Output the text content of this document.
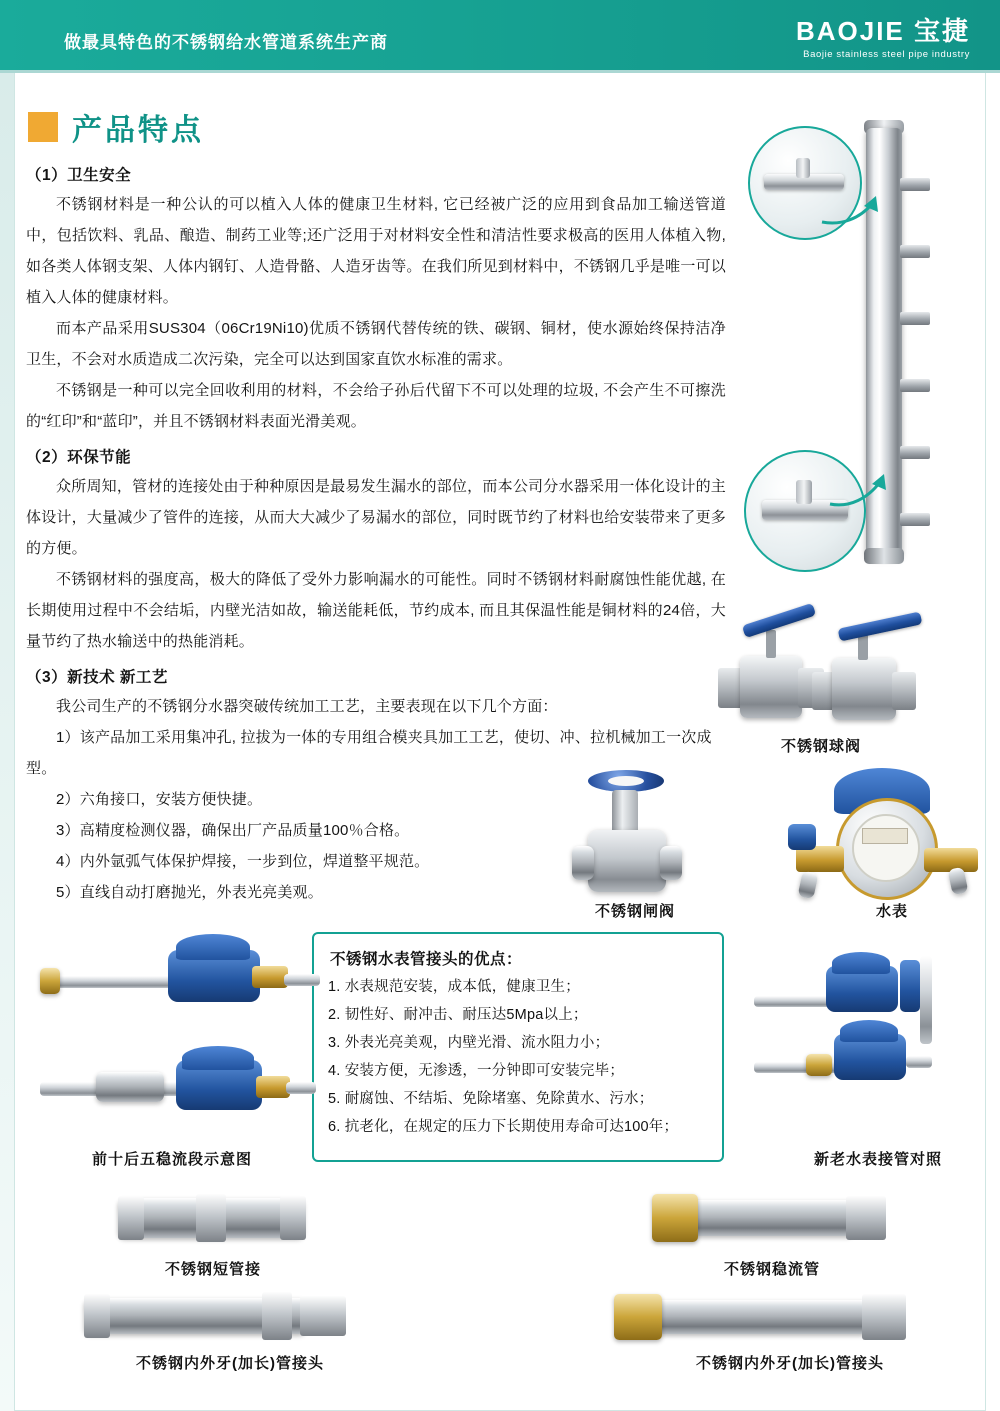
做最具特色的不锈钢给水管道系统生产商	BAOJIE 宝捷
Baojie stainless steel pipe industry
产品特点
（1）卫生安全

不锈钢材料是一种公认的可以植入人体的健康卫生材料, 它已经被广泛的应用到食品加工输送管道中，包括饮料、乳品、酿造、制药工业等;还广泛用于对材料安全性和清洁性要求极高的医用人体植入物, 如各类人体钢支架、人体内钢钉、人造骨骼、人造牙齿等。在我们所见到材料中，不锈钢几乎是唯一可以植入人体的健康材料。

而本产品采用SUS304（06Cr19Ni10)优质不锈钢代替传统的铁、碳钢、铜材，使水源始终保持洁净卫生，不会对水质造成二次污染，完全可以达到国家直饮水标准的需求。

不锈钢是一种可以完全回收利用的材料，不会给子孙后代留下不可以处理的垃圾, 不会产生不可擦洗的“红印”和“蓝印”，并且不锈钢材料表面光滑美观。

（2）环保节能

众所周知，管材的连接处由于种种原因是最易发生漏水的部位，而本公司分水器采用一体化设计的主体设计，大量减少了管件的连接，从而大大减少了易漏水的部位，同时既节约了材料也给安装带来了更多的方便。

不锈钢材料的强度高，极大的降低了受外力影响漏水的可能性。同时不锈钢材料耐腐蚀性能优越, 在长期使用过程中不会结垢，内壁光洁如故，输送能耗低，节约成本, 而且其保温性能是铜材料的24倍，大量节约了热水输送中的热能消耗。

（3）新技术 新工艺

我公司生产的不锈钢分水器突破传统加工工艺，主要表现在以下几个方面：

1）该产品加工采用集冲孔, 拉拔为一体的专用组合模夹具加工工艺，使切、冲、拉机械加工一次成型。

2）六角接口，安装方便快捷。

3）高精度检测仪器，确保出厂产品质量100％合格。

4）内外氩弧气体保护焊接，一步到位，焊道整平规范。

5）直线自动打磨抛光，外表光亮美观。

不锈钢球阀
不锈钢闸阀	水表
不锈钢水表管接头的优点：
1. 水表规范安装，成本低，健康卫生；
2. 韧性好、耐冲击、耐压达5Mpa以上；
3. 外表光亮美观，内壁光滑、流水阻力小；
4. 安装方便，无渗透，一分钟即可安装完毕；
5. 耐腐蚀、不结垢、免除堵塞、免除黄水、污水；
6. 抗老化，在规定的压力下长期使用寿命可达100年；
前十后五稳流段示意图	新老水表接管对照
不锈钢短管接	不锈钢稳流管
不锈钢内外牙(加长)管接头	不锈钢内外牙(加长)管接头
